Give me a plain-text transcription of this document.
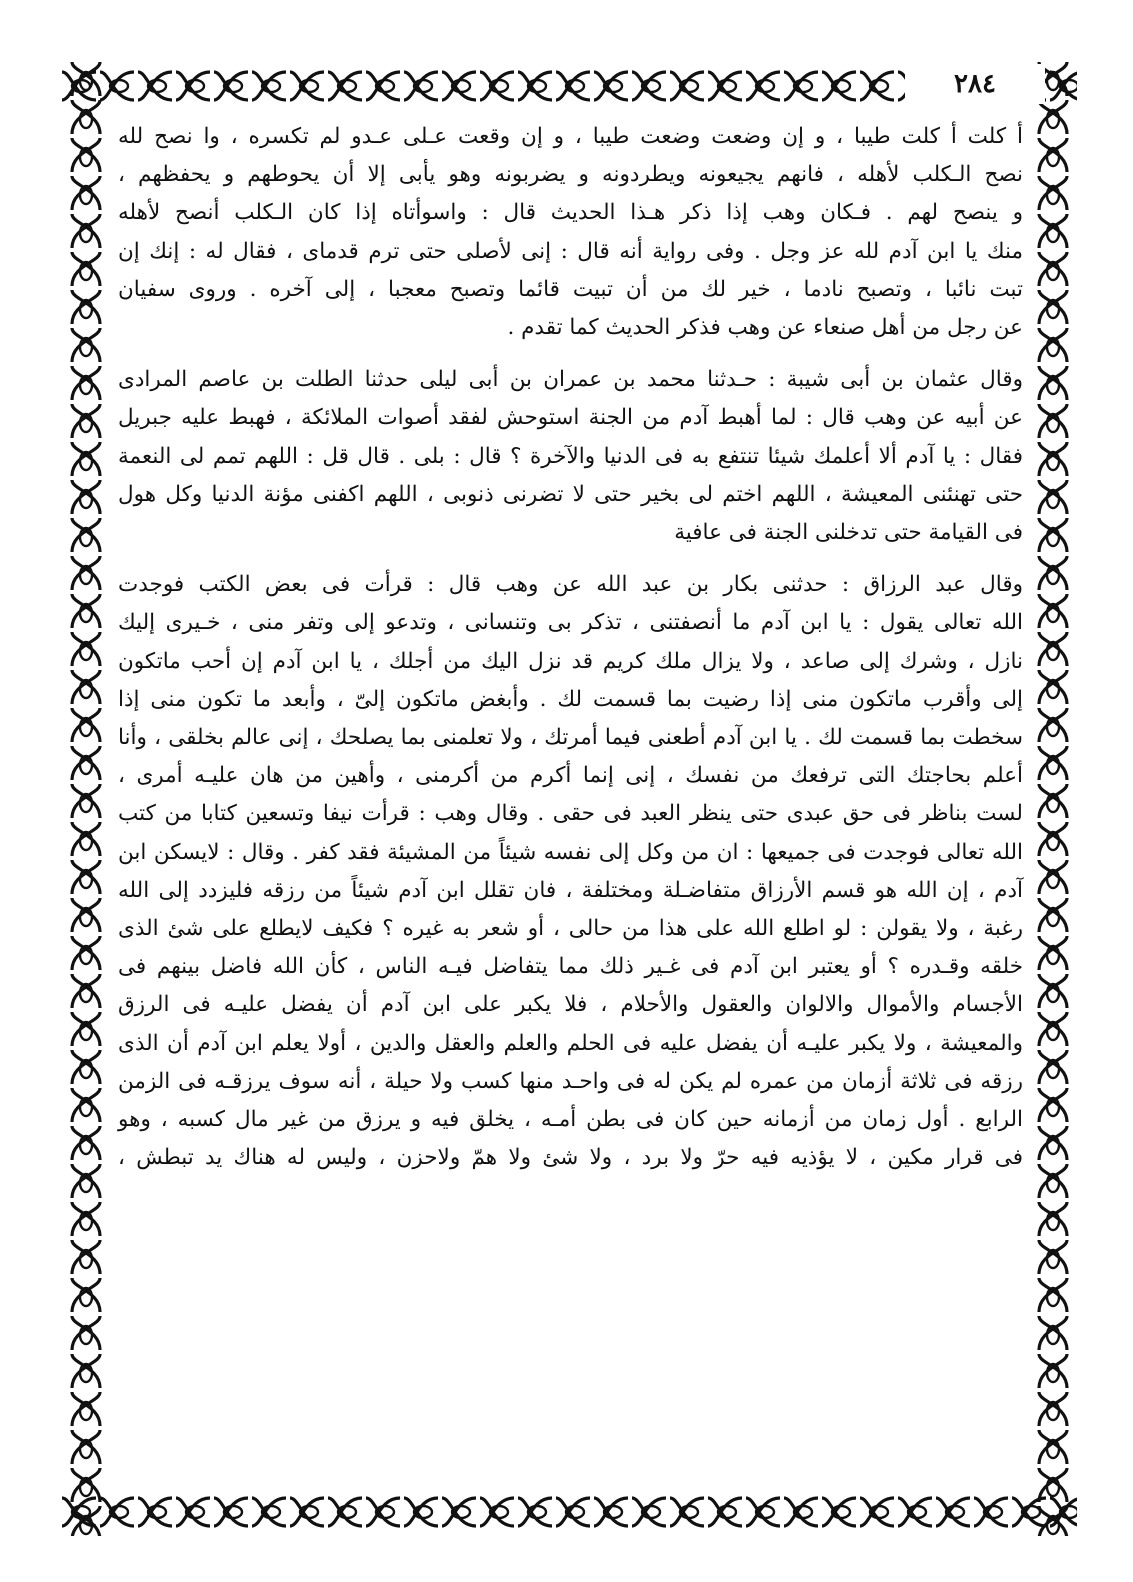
٢٨٤

أ كلت أ كلت طيبا ، و إن وضعت وضعت طيبا ، و إن وقعت عـلى عـدو لم تكسره ، وا نصح لله
نصح الـكلب لأهله ، فانهم يجيعونه ويطردونه و يضربونه وهو يأبى إلا أن يحوطهم و يحفظهم ،
و ينصح لهم . فـكان وهب إذا ذكر هـذا الحديث قال : واسوأتاه إذا كان الـكلب أنصح لأهله
منك يا ابن آدم لله عز وجل . وفى رواية أنه قال : إنى لأصلى حتى ترم قدماى ، فقال له : إنك إن
تبت نائبا ، وتصبح نادما ، خير لك من أن تبيت قائما وتصبح معجبا ، إلى آخره . وروى سفيان
عن رجل من أهل صنعاء عن وهب فذكر الحديث كما تقدم .

وقال عثمان بن أبى شيبة : حـدثنا محمد بن عمران بن أبى ليلى حدثنا الطلت بن عاصم المرادى
عن أبيه عن وهب قال : لما أهبط آدم من الجنة استوحش لفقد أصوات الملائكة ، فهبط عليه جبريل
فقال : يا آدم ألا أعلمك شيئا تنتفع به فى الدنيا والآخرة ؟ قال : بلى . قال قل : اللهم تمم لى النعمة
حتى تهنئنى المعيشة ، اللهم اختم لى بخير حتى لا تضرنى ذنوبى ، اللهم اكفنى مؤنة الدنيا وكل هول
فى القيامة حتى تدخلنى الجنة فى عافية

وقال عبد الرزاق : حدثنى بكار بن عبد الله عن وهب قال : قرأت فى بعض الكتب فوجدت
الله تعالى يقول : يا ابن آدم ما أنصفتنى ، تذكر بى وتنسانى ، وتدعو إلى وتفر منى ، خـيرى إليك
نازل ، وشرك إلى صاعد ، ولا يزال ملك كريم قد نزل اليك من أجلك ، يا ابن آدم إن أحب ماتكون
إلى وأقرب ماتكون منى إذا رضيت بما قسمت لك . وأبغض ماتكون إلىّ ، وأبعد ما تكون منى إذا
سخطت بما قسمت لك . يا ابن آدم أطعنى فيما أمرتك ، ولا تعلمنى بما يصلحك ، إنى عالم بخلقى ، وأنا
أعلم بحاجتك التى ترفعك من نفسك ، إنى إنما أكرم من أكرمنى ، وأهين من هان عليـه أمرى ،
لست بناظر فى حق عبدى حتى ينظر العبد فى حقى . وقال وهب : قرأت نيفا وتسعين كتابا من كتب
الله تعالى فوجدت فى جميعها : ان من وكل إلى نفسه شيئاً من المشيئة فقد كفر . وقال : لايسكن ابن
آدم ، إن الله هو قسم الأرزاق متفاضـلة ومختلفة ، فان تقلل ابن آدم شيئاً من رزقه فليزدد إلى الله
رغبة ، ولا يقولن : لو اطلع الله على هذا من حالى ، أو شعر به غيره ؟ فكيف لايطلع على شئ الذى
خلقه وقـدره ؟ أو يعتبر ابن آدم فى غـير ذلك مما يتفاضل فيـه الناس ، كأن الله فاضل بينهم فى
الأجسام والأموال والالوان والعقول والأحلام ، فلا يكبر على ابن آدم أن يفضل عليـه فى الرزق
والمعيشة ، ولا يكبر عليـه أن يفضل عليه فى الحلم والعلم والعقل والدين ، أولا يعلم ابن آدم أن الذى
رزقه فى ثلاثة أزمان من عمره لم يكن له فى واحـد منها كسب ولا حيلة ، أنه سوف يرزقـه فى الزمن
الرابع . أول زمان من أزمانه حين كان فى بطن أمـه ، يخلق فيه و يرزق من غير مال كسبه ، وهو
فى قرار مكين ، لا يؤذيه فيه حرّ ولا برد ، ولا شئ ولا همّ ولاحزن ، وليس له هناك يد تبطش ،
